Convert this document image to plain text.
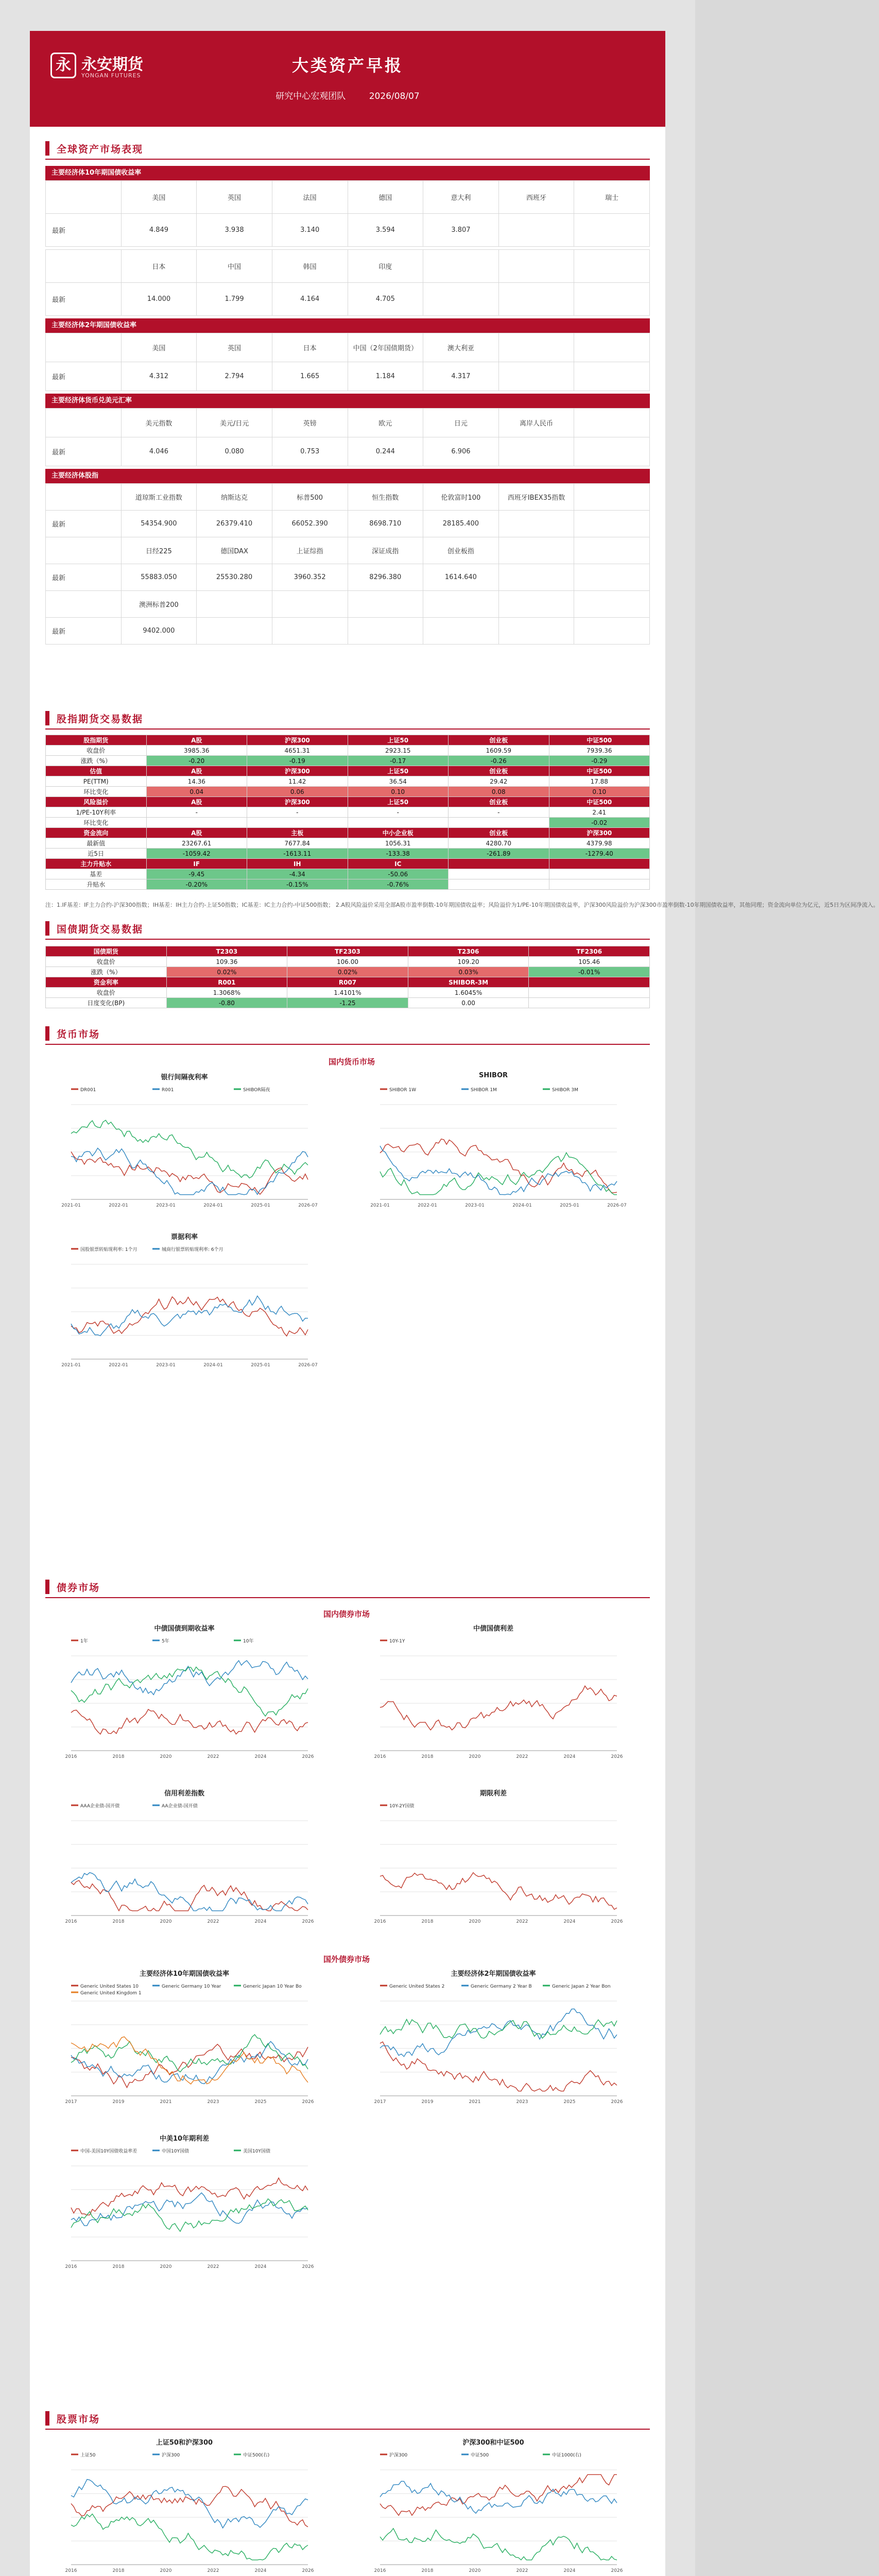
永 永安期货
YONGAN FUTURES
大类资产早报
研究中心宏观团队	2026/08/07
全球资产市场表现
主要经济体10年期国债收益率
	美国	英国	法国	德国	意大利	西班牙	瑞士
最新	4.849	3.938	3.140	3.594	3.807		
	日本	中国	韩国	印度			
最新	14.000	1.799	4.164	4.705			
主要经济体2年期国债收益率
	美国	英国	日本	中国（2年国债期货）	澳大利亚		
最新	4.312	2.794	1.665	1.184	4.317		
主要经济体货币兑美元汇率
	美元指数	美元/日元	英镑	欧元	日元	离岸人民币	
最新	4.046	0.080	0.753	0.244	6.906		
主要经济体股指
	道琼斯工业指数	纳斯达克	标普500	恒生指数	伦敦富时100	西班牙IBEX35指数	
最新	54354.900	26379.410	66052.390	8698.710	28185.400		
	日经225	德国DAX	上证综指	深证成指	创业板指		
最新	55883.050	25530.280	3960.352	8296.380	1614.640		
	澳洲标普200						
最新	9402.000						
股指期货交易数据
股指期货	A股	沪深300	上证50	创业板	中证500
收盘价	3985.36	4651.31	2923.15	1609.59	7939.36
涨跌（%）	-0.20	-0.19	-0.17	-0.26	-0.29
估值	A股	沪深300	上证50	创业板	中证500
PE(TTM)	14.36	11.42	36.54	29.42	17.88
环比变化	0.04	0.06	0.10	0.08	0.10
风险溢价	A股	沪深300	上证50	创业板	中证500
1/PE-10Y利率	-	-	-	-	2.41
环比变化					-0.02
资金流向	A股	主板	中小企业板	创业板	沪深300
最新值	23267.61	7677.84	1056.31	4280.70	4379.98
近5日	-1059.42	-1613.11	-133.38	-261.89	-1279.40
主力升贴水	IF	IH	IC		
基差	-9.45	-4.34	-50.06		
升贴水	-0.20%	-0.15%	-0.76%		
注：1.IF基差：IF主力合约-沪深300指数；IH基差：IH主力合约-上证50指数；IC基差：IC主力合约-中证500指数； 2.A股风险溢价采用全部A股市盈率倒数-10年期国债收益率；风险溢价为1/PE-10年期国债收益率，沪深300风险溢价为沪深300市盈率倒数-10年期国债收益率，其他同理；资金流向单位为亿元，近5日为区间净流入。
国债期货交易数据
国债期货	T2303	TF2303	T2306	TF2306
收盘价	109.36	106.00	109.20	105.46
涨跌（%）	0.02%	0.02%	0.03%	-0.01%
资金利率	R001	R007	SHIBOR-3M	
收盘价	1.3068%	1.4101%	1.6045%	
日度变化(BP)	-0.80	-1.25	0.00	
货币市场
国内货币市场
债券市场
国内债券市场
国外债券市场
股票市场
银行间隔夜利率
DR001	R001	SHIBOR隔夜
2021-01	2022-01	2023-01	2024-01	2025-01	2026-07
SHIBOR
SHIBOR 1W	SHIBOR 1M	SHIBOR 3M
2021-01	2022-01	2023-01	2024-01	2025-01	2026-07
票据利率
国股银票转贴现利率: 1个月	城商行银票转贴现利率: 6个月
2021-01	2022-01	2023-01	2024-01	2025-01	2026-07
中债国债到期收益率
1年	5年	10年
2016	2018	2020	2022	2024	2026
中债国债利差
10Y-1Y
2016	2018	2020	2022	2024	2026
信用利差指数
AAA企业债-国开债	AA企业债-国开债
2016	2018	2020	2022	2024	2026
期限利差
10Y-2Y国债
2016	2018	2020	2022	2024	2026
主要经济体10年期国债收益率
Generic United States 10	Generic Germany 10 Year	Generic Japan 10 Year Bo
Generic United Kingdom 1
2017	2019	2021	2023	2025	2026
主要经济体2年期国债收益率
Generic United States 2	Generic Germany 2 Year B	Generic Japan 2 Year Bon
2017	2019	2021	2023	2025	2026
中美10年期利差
中国-美国10Y国债收益率差	中国10Y国债	美国10Y国债
2016	2018	2020	2022	2024	2026
上证50和沪深300
上证50	沪深300	中证500(右)
2016	2018	2020	2022	2024	2026
沪深300和中证500
沪深300	中证500	中证1000(右)
2016	2018	2020	2022	2024	2026
